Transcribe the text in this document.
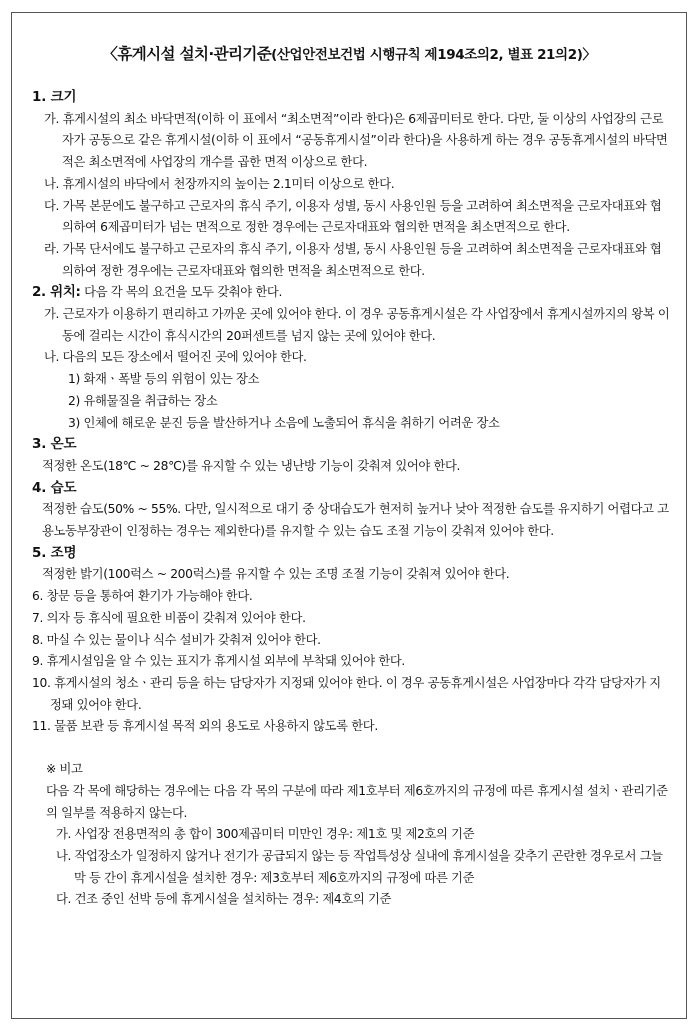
〈휴게시설 설치·관리기준(산업안전보건법 시행규칙 제194조의2, 별표 21의2)〉

1. 크기

가. 휴게시설의 최소 바닥면적(이하 이 표에서 “최소면적”이라 한다)은 6제곱미터로 한다. 다만, 둘 이상의 사업장의 근로자가 공동으로 같은 휴게시설(이하 이 표에서 “공동휴게시설”이라 한다)을 사용하게 하는 경우 공동휴게시설의 바닥면적은 최소면적에 사업장의 개수를 곱한 면적 이상으로 한다.

나. 휴게시설의 바닥에서 천장까지의 높이는 2.1미터 이상으로 한다.

다. 가목 본문에도 불구하고 근로자의 휴식 주기, 이용자 성별, 동시 사용인원 등을 고려하여 최소면적을 근로자대표와 협의하여 6제곱미터가 넘는 면적으로 정한 경우에는 근로자대표와 협의한 면적을 최소면적으로 한다.

라. 가목 단서에도 불구하고 근로자의 휴식 주기, 이용자 성별, 동시 사용인원 등을 고려하여 최소면적을 근로자대표와 협의하여 정한 경우에는 근로자대표와 협의한 면적을 최소면적으로 한다.

2. 위치: 다음 각 목의 요건을 모두 갖춰야 한다.

가. 근로자가 이용하기 편리하고 가까운 곳에 있어야 한다. 이 경우 공동휴게시설은 각 사업장에서 휴게시설까지의 왕복 이동에 걸리는 시간이 휴식시간의 20퍼센트를 넘지 않는 곳에 있어야 한다.

나. 다음의 모든 장소에서 떨어진 곳에 있어야 한다.

1) 화재ㆍ폭발 등의 위험이 있는 장소

2) 유해물질을 취급하는 장소

3) 인체에 해로운 분진 등을 발산하거나 소음에 노출되어 휴식을 취하기 어려운 장소

3. 온도

적정한 온도(18℃ ~ 28℃)를 유지할 수 있는 냉난방 기능이 갖춰져 있어야 한다.

4. 습도

적정한 습도(50% ~ 55%. 다만, 일시적으로 대기 중 상대습도가 현저히 높거나 낮아 적정한 습도를 유지하기 어렵다고 고용노동부장관이 인정하는 경우는 제외한다)를 유지할 수 있는 습도 조절 기능이 갖춰져 있어야 한다.

5. 조명

적정한 밝기(100럭스 ~ 200럭스)를 유지할 수 있는 조명 조절 기능이 갖춰져 있어야 한다.

6. 창문 등을 통하여 환기가 가능해야 한다.

7. 의자 등 휴식에 필요한 비품이 갖춰져 있어야 한다.

8. 마실 수 있는 물이나 식수 설비가 갖춰져 있어야 한다.

9. 휴게시설임을 알 수 있는 표지가 휴게시설 외부에 부착돼 있어야 한다.

10. 휴게시설의 청소ㆍ관리 등을 하는 담당자가 지정돼 있어야 한다. 이 경우 공동휴게시설은 사업장마다 각각 담당자가 지정돼 있어야 한다.

11. 물품 보관 등 휴게시설 목적 외의 용도로 사용하지 않도록 한다.

※ 비고

다음 각 목에 해당하는 경우에는 다음 각 목의 구분에 따라 제1호부터 제6호까지의 규정에 따른 휴게시설 설치ㆍ관리기준의 일부를 적용하지 않는다.

가. 사업장 전용면적의 총 합이 300제곱미터 미만인 경우: 제1호 및 제2호의 기준

나. 작업장소가 일정하지 않거나 전기가 공급되지 않는 등 작업특성상 실내에 휴게시설을 갖추기 곤란한 경우로서 그늘막 등 간이 휴게시설을 설치한 경우: 제3호부터 제6호까지의 규정에 따른 기준

다. 건조 중인 선박 등에 휴게시설을 설치하는 경우: 제4호의 기준
